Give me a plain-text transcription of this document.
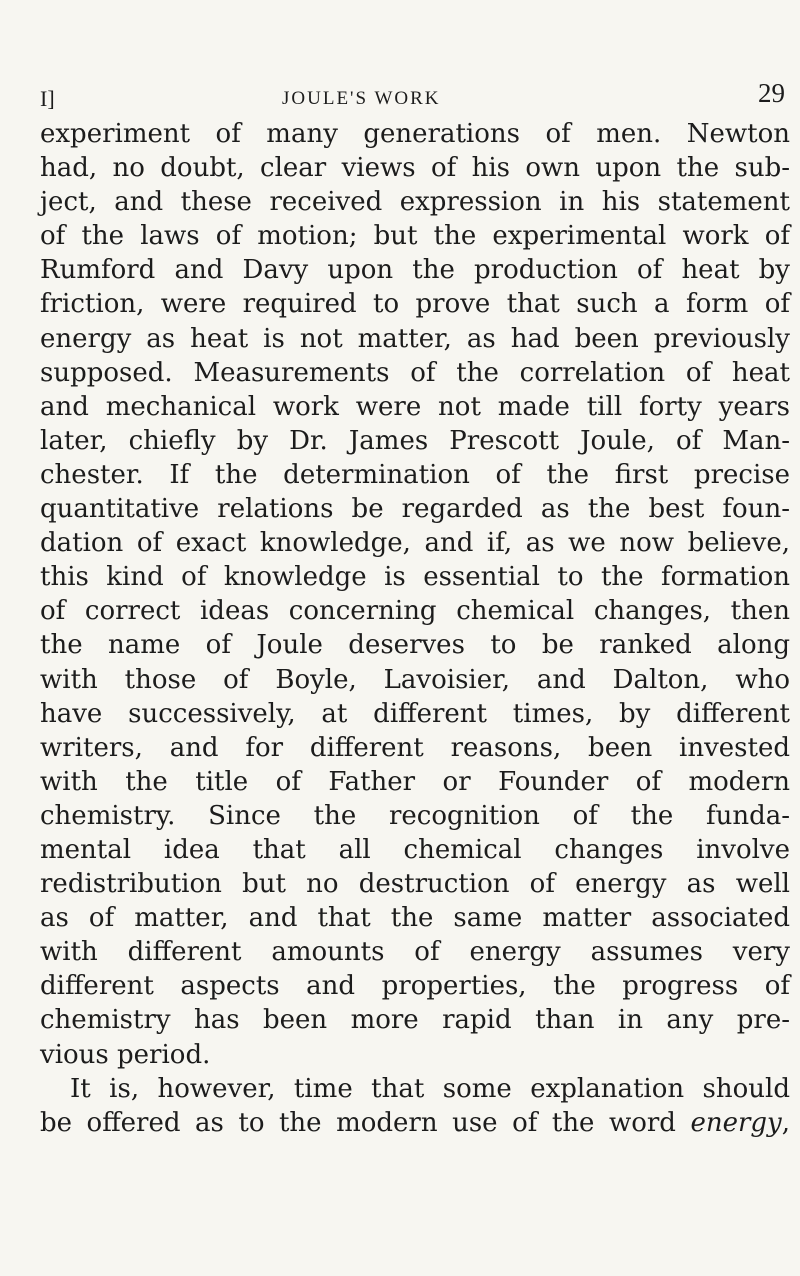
I]	JOULE'S WORK	29
experiment of many generations of men. Newton
had, no doubt, clear views of his own upon the sub-
ject, and these received expression in his statement
of the laws of motion; but the experimental work of
Rumford and Davy upon the production of heat by
friction, were required to prove that such a form of
energy as heat is not matter, as had been previously
supposed. Measurements of the correlation of heat
and mechanical work were not made till forty years
later, chiefly by Dr. James Prescott Joule, of Man-
chester. If the determination of the first precise
quantitative relations be regarded as the best foun-
dation of exact knowledge, and if, as we now believe,
this kind of knowledge is essential to the formation
of correct ideas concerning chemical changes, then
the name of Joule deserves to be ranked along
with those of Boyle, Lavoisier, and Dalton, who
have successively, at different times, by different
writers, and for different reasons, been invested
with the title of Father or Founder of modern
chemistry. Since the recognition of the funda-
mental idea that all chemical changes involve
redistribution but no destruction of energy as well
as of matter, and that the same matter associated
with different amounts of energy assumes very
different aspects and properties, the progress of
chemistry has been more rapid than in any pre-
vious period.
It is, however, time that some explanation should
be offered as to the modern use of the word energy,
